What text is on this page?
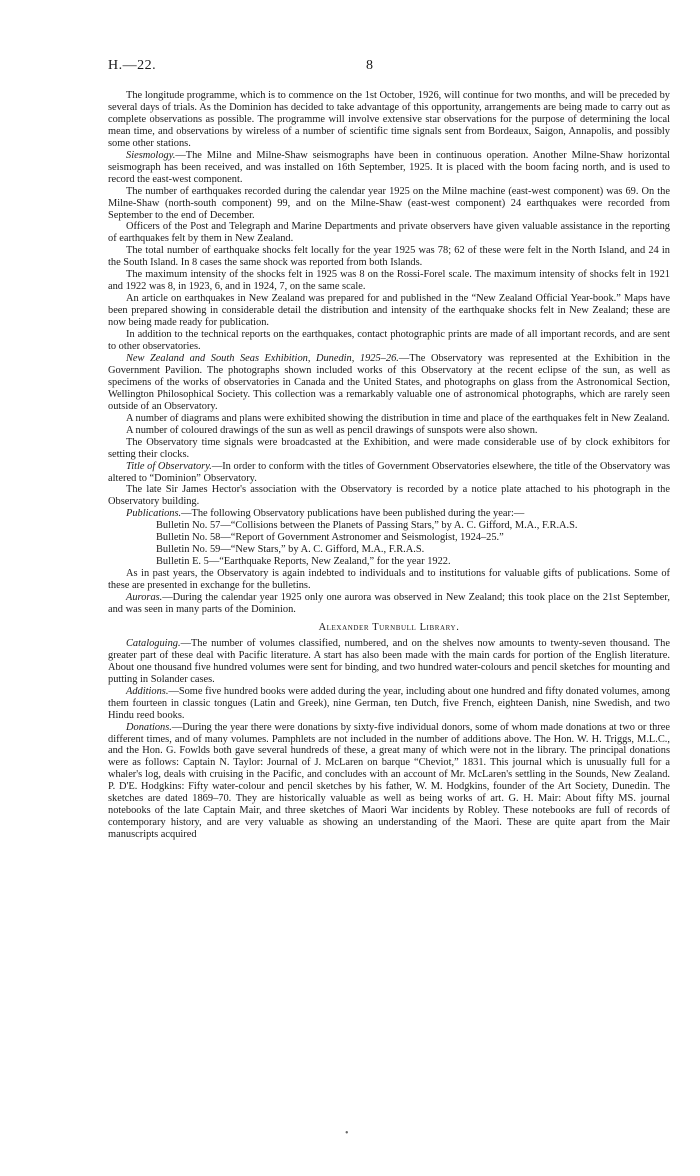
H.—22.	8

The longitude programme, which is to commence on the 1st October, 1926, will continue for two months, and will be preceded by several days of trials. As the Dominion has decided to take advantage of this opportunity, arrangements are being made to carry out as complete observations as possible. The programme will involve extensive star observations for the purpose of determining the local mean time, and observations by wireless of a number of scientific time signals sent from Bordeaux, Saigon, Annapolis, and possibly some other stations.

Siesmology.—The Milne and Milne-Shaw seismographs have been in continuous operation. Another Milne-Shaw horizontal seismograph has been received, and was installed on 16th September, 1925. It is placed with the boom facing north, and is used to record the east-west component.

The number of earthquakes recorded during the calendar year 1925 on the Milne machine (east-west component) was 69. On the Milne-Shaw (north-south component) 99, and on the Milne-Shaw (east-west component) 24 earthquakes were recorded from September to the end of December.

Officers of the Post and Telegraph and Marine Departments and private observers have given valuable assistance in the reporting of earthquakes felt by them in New Zealand.

The total number of earthquake shocks felt locally for the year 1925 was 78; 62 of these were felt in the North Island, and 24 in the South Island. In 8 cases the same shock was reported from both Islands.

The maximum intensity of the shocks felt in 1925 was 8 on the Rossi-Forel scale. The maximum intensity of shocks felt in 1921 and 1922 was 8, in 1923, 6, and in 1924, 7, on the same scale.

An article on earthquakes in New Zealand was prepared for and published in the “New Zealand Official Year-book.” Maps have been prepared showing in considerable detail the distribution and intensity of the earthquake shocks felt in New Zealand; these are now being made ready for publication.

In addition to the technical reports on the earthquakes, contact photographic prints are made of all important records, and are sent to other observatories.

New Zealand and South Seas Exhibition, Dunedin, 1925–26.—The Observatory was represented at the Exhibition in the Government Pavilion. The photographs shown included works of this Observatory at the recent eclipse of the sun, as well as specimens of the works of observatories in Canada and the United States, and photographs on glass from the Astronomical Section, Wellington Philosophical Society. This collection was a remarkably valuable one of astronomical photographs, which are rarely seen outside of an Observatory.

A number of diagrams and plans were exhibited showing the distribution in time and place of the earthquakes felt in New Zealand.

A number of coloured drawings of the sun as well as pencil drawings of sunspots were also shown.

The Observatory time signals were broadcasted at the Exhibition, and were made considerable use of by clock exhibitors for setting their clocks.

Title of Observatory.—In order to conform with the titles of Government Observatories elsewhere, the title of the Observatory was altered to “Dominion” Observatory.

The late Sir James Hector's association with the Observatory is recorded by a notice plate attached to his photograph in the Observatory building.

Publications.—The following Observatory publications have been published during the year:—

Bulletin No. 57—“Collisions between the Planets of Passing Stars,” by A. C. Gifford, M.A., F.R.A.S.

Bulletin No. 58—“Report of Government Astronomer and Seismologist, 1924–25.”

Bulletin No. 59—“New Stars,” by A. C. Gifford, M.A., F.R.A.S.

Bulletin E. 5—“Earthquake Reports, New Zealand,” for the year 1922.

As in past years, the Observatory is again indebted to individuals and to institutions for valuable gifts of publications. Some of these are presented in exchange for the bulletins.

Auroras.—During the calendar year 1925 only one aurora was observed in New Zealand; this took place on the 21st September, and was seen in many parts of the Dominion.

Alexander Turnbull Library.

Cataloguing.—The number of volumes classified, numbered, and on the shelves now amounts to twenty-seven thousand. The greater part of these deal with Pacific literature. A start has also been made with the main cards for portion of the English literature. About one thousand five hundred volumes were sent for binding, and two hundred water-colours and pencil sketches for mounting and putting in Solander cases.

Additions.—Some five hundred books were added during the year, including about one hundred and fifty donated volumes, among them fourteen in classic tongues (Latin and Greek), nine German, ten Dutch, five French, eighteen Danish, nine Swedish, and two Hindu reed books.

Donations.—During the year there were donations by sixty-five individual donors, some of whom made donations at two or three different times, and of many volumes. Pamphlets are not included in the number of additions above. The Hon. W. H. Triggs, M.L.C., and the Hon. G. Fowlds both gave several hundreds of these, a great many of which were not in the library. The principal donations were as follows: Captain N. Taylor: Journal of J. McLaren on barque “Cheviot,” 1831. This journal which is unusually full for a whaler's log, deals with cruising in the Pacific, and concludes with an account of Mr. McLaren's settling in the Sounds, New Zealand. P. D'E. Hodgkins: Fifty water-colour and pencil sketches by his father, W. M. Hodgkins, founder of the Art Society, Dunedin. The sketches are dated 1869–70. They are historically valuable as well as being works of art. G. H. Mair: About fifty MS. journal notebooks of the late Captain Mair, and three sketches of Maori War incidents by Robley. These notebooks are full of records of contemporary history, and are very valuable as showing an understanding of the Maori. These are quite apart from the Mair manuscripts acquired

•
